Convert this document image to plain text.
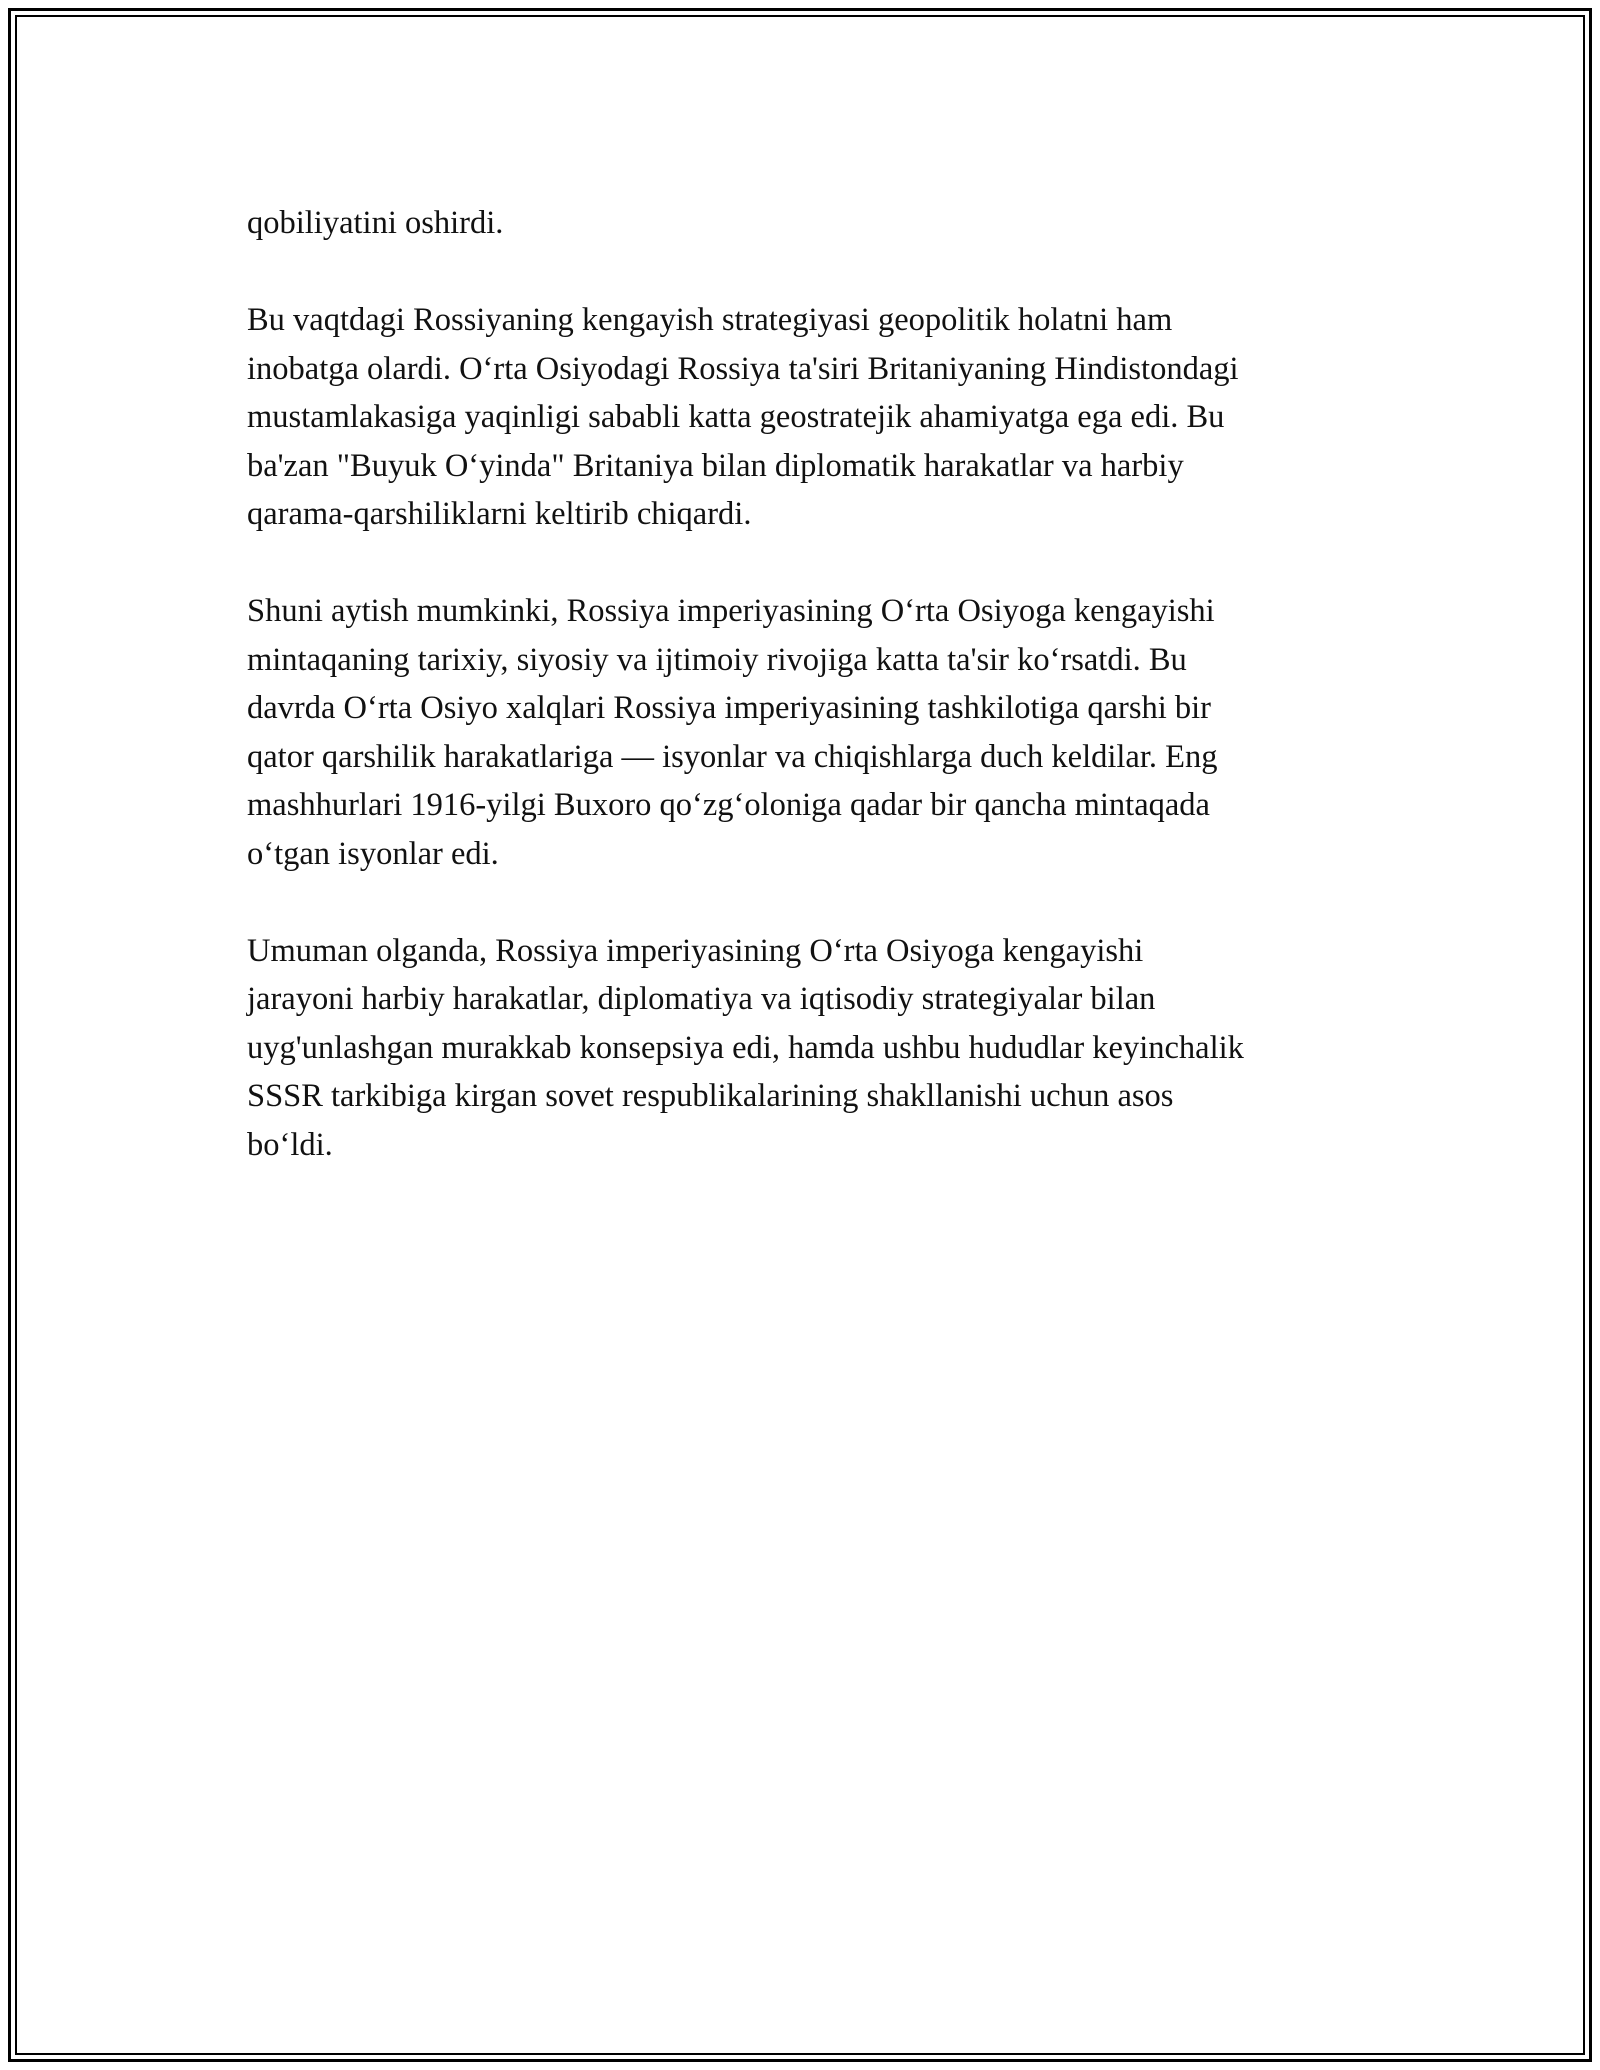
qobiliyatini oshirdi.

Bu vaqtdagi Rossiyaning kengayish strategiyasi geopolitik holatni ham
inobatga olardi. O‘rta Osiyodagi Rossiya ta'siri Britaniyaning Hindistondagi
mustamlakasiga yaqinligi sababli katta geostratejik ahamiyatga ega edi. Bu
ba'zan "Buyuk O‘yinda" Britaniya bilan diplomatik harakatlar va harbiy
qarama-qarshiliklarni keltirib chiqardi.

Shuni aytish mumkinki, Rossiya imperiyasining O‘rta Osiyoga kengayishi
mintaqaning tarixiy, siyosiy va ijtimoiy rivojiga katta ta'sir ko‘rsatdi. Bu
davrda O‘rta Osiyo xalqlari Rossiya imperiyasining tashkilotiga qarshi bir
qator qarshilik harakatlariga — isyonlar va chiqishlarga duch keldilar. Eng
mashhurlari 1916-yilgi Buxoro qo‘zg‘oloniga qadar bir qancha mintaqada
o‘tgan isyonlar edi.

Umuman olganda, Rossiya imperiyasining O‘rta Osiyoga kengayishi
jarayoni harbiy harakatlar, diplomatiya va iqtisodiy strategiyalar bilan
uyg'unlashgan murakkab konsepsiya edi, hamda ushbu hududlar keyinchalik
SSSR tarkibiga kirgan sovet respublikalarining shakllanishi uchun asos
bo‘ldi.
